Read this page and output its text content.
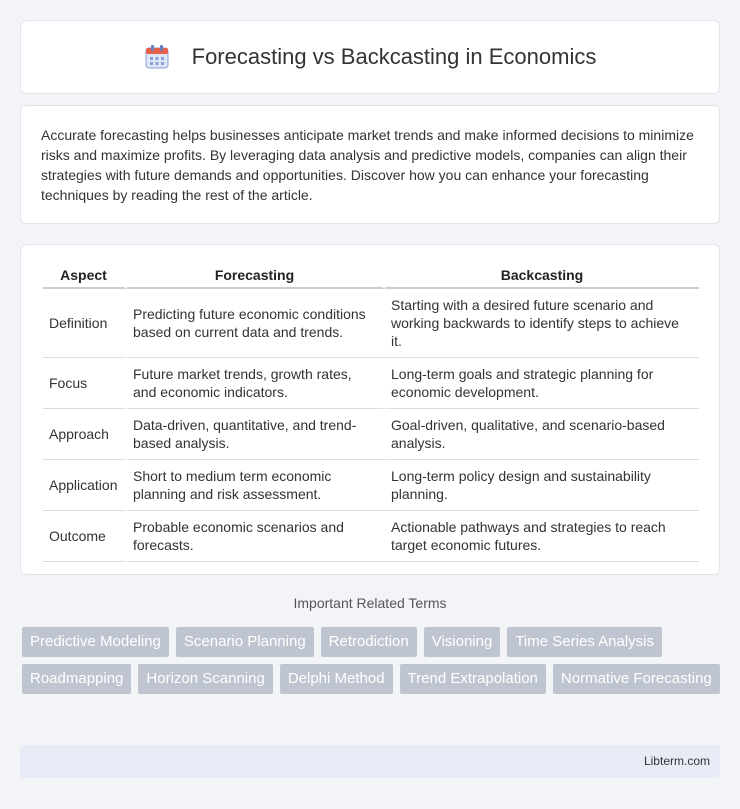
Forecasting vs Backcasting in Economics

Accurate forecasting helps businesses anticipate market trends and make informed decisions to minimize risks and maximize profits. By leveraging data analysis and predictive models, companies can align their strategies with future demands and opportunities. Discover how you can enhance your forecasting techniques by reading the rest of the article.

Aspect	Forecasting	Backcasting
Definition	Predicting future economic conditions based on current data and trends.	Starting with a desired future scenario and working backwards to identify steps to achieve it.
Focus	Future market trends, growth rates, and economic indicators.	Long-term goals and strategic planning for economic development.
Approach	Data-driven, quantitative, and trend-based analysis.	Goal-driven, qualitative, and scenario-based analysis.
Application	Short to medium term economic planning and risk assessment.	Long-term policy design and sustainability planning.
Outcome	Probable economic scenarios and forecasts.	Actionable pathways and strategies to reach target economic futures.
Important Related Terms
Predictive Modeling	Scenario Planning	Retrodiction	Visioning	Time Series Analysis
Roadmapping	Horizon Scanning	Delphi Method	Trend Extrapolation	Normative Forecasting
Libterm.com
